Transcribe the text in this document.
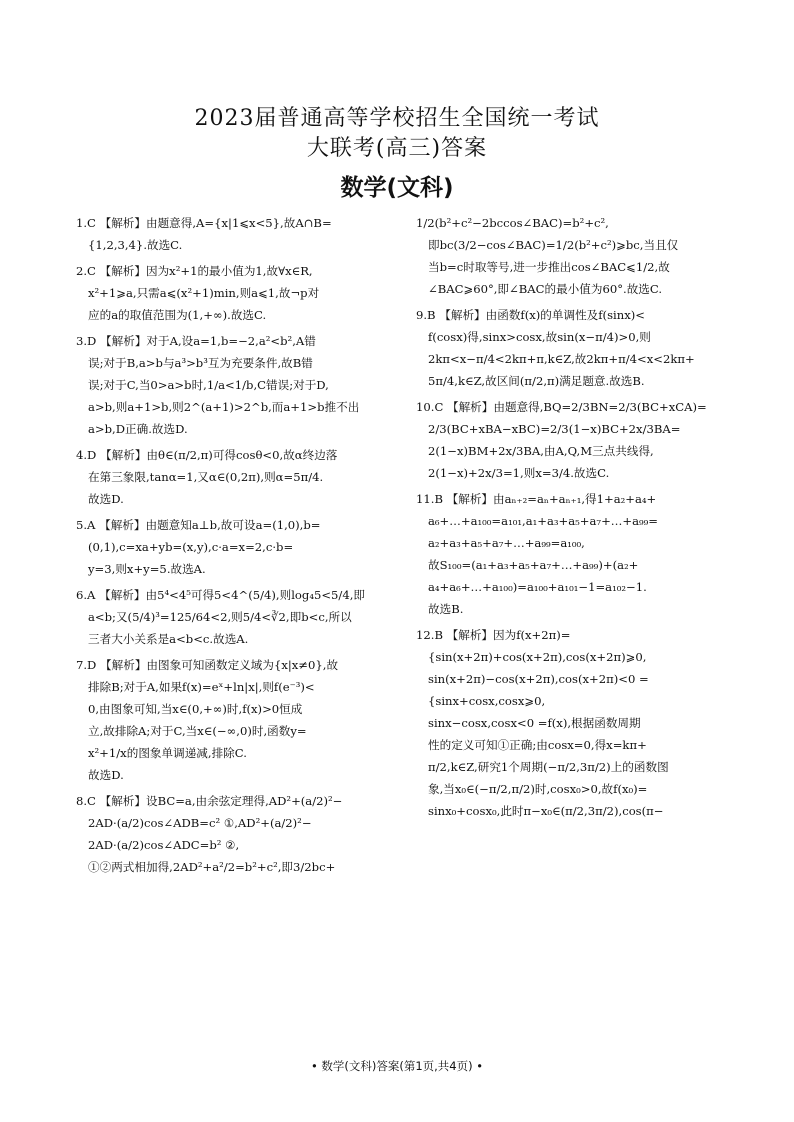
2023届普通高等学校招生全国统一考试
大联考(高三)答案
数学(文科)
1.C 【解析】由题意得,A={x|1⩽x<5},故A∩B=
{1,2,3,4}.故选C.
2.C 【解析】因为x²+1的最小值为1,故∀x∈R,
x²+1⩾a,只需a⩽(x²+1)min,则a⩽1,故¬p对
应的a的取值范围为(1,+∞).故选C.
3.D 【解析】对于A,设a=1,b=−2,a²<b²,A错
误;对于B,a>b与a³>b³互为充要条件,故B错
误;对于C,当0>a>b时,1/a<1/b,C错误;对于D,
a>b,则a+1>b,则2^(a+1)>2^b,而a+1>b推不出
a>b,D正确.故选D.
4.D 【解析】由θ∈(π/2,π)可得cosθ<0,故α终边落
在第三象限,tanα=1,又α∈(0,2π),则α=5π/4.
故选D.
5.A 【解析】由题意知a⊥b,故可设a=(1,0),b=
(0,1),c=xa+yb=(x,y),c·a=x=2,c·b=
y=3,则x+y=5.故选A.
6.A 【解析】由5⁴<4⁵可得5<4^(5/4),则log₄5<5/4,即
a<b;又(5/4)³=125/64<2,则5/4<∛2,即b<c,所以
三者大小关系是a<b<c.故选A.
7.D 【解析】由图象可知函数定义域为{x|x≠0},故
排除B;对于A,如果f(x)=eˣ+ln|x|,则f(e⁻³)<
0,由图象可知,当x∈(0,+∞)时,f(x)>0恒成
立,故排除A;对于C,当x∈(−∞,0)时,函数y=
x²+1/x的图象单调递减,排除C.
故选D.
8.C 【解析】设BC=a,由余弦定理得,AD²+(a/2)²−
2AD·(a/2)cos∠ADB=c² ①,AD²+(a/2)²−
2AD·(a/2)cos∠ADC=b² ②,
①②两式相加得,2AD²+a²/2=b²+c²,即3/2bc+
1/2(b²+c²−2bccos∠BAC)=b²+c²,
即bc(3/2−cos∠BAC)=1/2(b²+c²)⩾bc,当且仅
当b=c时取等号,进一步推出cos∠BAC⩽1/2,故
∠BAC⩾60°,即∠BAC的最小值为60°.故选C.
9.B 【解析】由函数f(x)的单调性及f(sinx)<
f(cosx)得,sinx>cosx,故sin(x−π/4)>0,则
2kπ<x−π/4<2kπ+π,k∈Z,故2kπ+π/4<x<2kπ+
5π/4,k∈Z,故区间(π/2,π)满足题意.故选B.
10.C 【解析】由题意得,BQ=2/3BN=2/3(BC+xCA)=
2/3(BC+xBA−xBC)=2/3(1−x)BC+2x/3BA=
2(1−x)BM+2x/3BA,由A,Q,M三点共线得,
2(1−x)+2x/3=1,则x=3/4.故选C.
11.B 【解析】由aₙ₊₂=aₙ+aₙ₊₁,得1+a₂+a₄+
a₆+…+a₁₀₀=a₁₀₁,a₁+a₃+a₅+a₇+…+a₉₉=
a₂+a₃+a₅+a₇+…+a₉₉=a₁₀₀,
故S₁₀₀=(a₁+a₃+a₅+a₇+…+a₉₉)+(a₂+
a₄+a₆+…+a₁₀₀)=a₁₀₀+a₁₀₁−1=a₁₀₂−1.
故选B.
12.B 【解析】因为f(x+2π)=
{sin(x+2π)+cos(x+2π),cos(x+2π)⩾0,
sin(x+2π)−cos(x+2π),cos(x+2π)<0 =
{sinx+cosx,cosx⩾0,
sinx−cosx,cosx<0 =f(x),根据函数周期
性的定义可知①正确;由cosx=0,得x=kπ+
π/2,k∈Z,研究1个周期(−π/2,3π/2)上的函数图
象,当x₀∈(−π/2,π/2)时,cosx₀>0,故f(x₀)=
sinx₀+cosx₀,此时π−x₀∈(π/2,3π/2),cos(π−
• 数学(文科)答案(第1页,共4页) •
